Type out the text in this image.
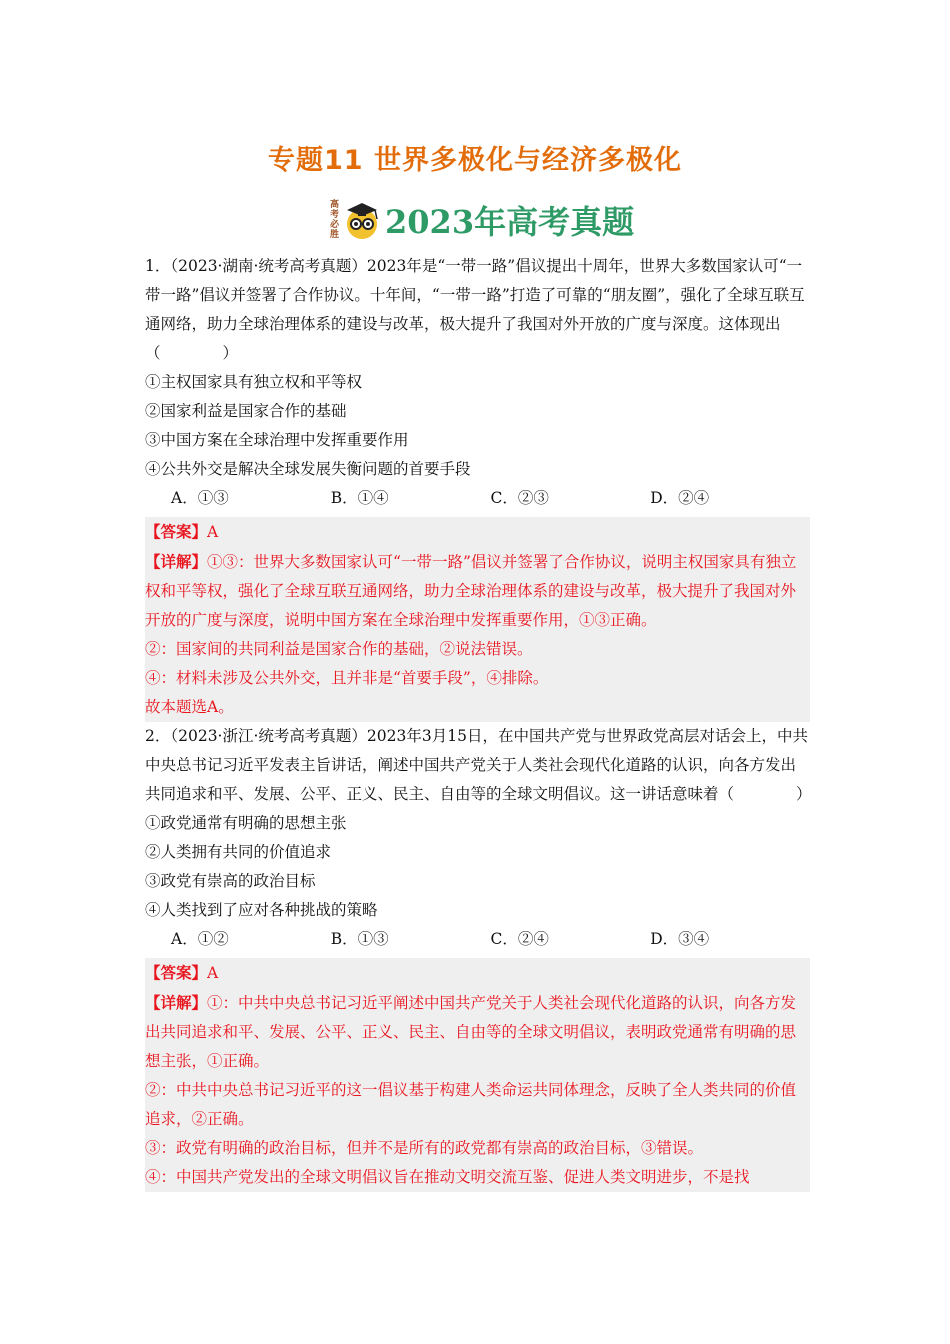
专题11 世界多极化与经济多极化
高
考
必
胜 2023年高考真题

1．（2023·湖南·统考高考真题）2023年是“一带一路”倡议提出十周年，世界大多数国家认可“一带一路”倡议并签署了合作协议。十年间，“一带一路”打造了可靠的“朋友圈”，强化了全球互联互通网络，助力全球治理体系的建设与改革，极大提升了我国对外开放的广度与深度。这体现出（　　　　）

①主权国家具有独立权和平等权

②国家利益是国家合作的基础

③中国方案在全球治理中发挥重要作用

④公共外交是解决全球发展失衡问题的首要手段

A．①③	B．①④	C．②③	D．②④

【答案】A

【详解】①③：世界大多数国家认可“一带一路”倡议并签署了合作协议，说明主权国家具有独立权和平等权，强化了全球互联互通网络，助力全球治理体系的建设与改革，极大提升了我国对外开放的广度与深度，说明中国方案在全球治理中发挥重要作用，①③正确。

②：国家间的共同利益是国家合作的基础，②说法错误。

④：材料未涉及公共外交，且并非是“首要手段”，④排除。

故本题选A。

2．（2023·浙江·统考高考真题）2023年3月15日，在中国共产党与世界政党高层对话会上，中共中央总书记习近平发表主旨讲话，阐述中国共产党关于人类社会现代化道路的认识，向各方发出共同追求和平、发展、公平、正义、民主、自由等的全球文明倡议。这一讲话意味着（　　　　）

①政党通常有明确的思想主张

②人类拥有共同的价值追求

③政党有崇高的政治目标

④人类找到了应对各种挑战的策略

A．①②	B．①③	C．②④	D．③④

【答案】A

【详解】①：中共中央总书记习近平阐述中国共产党关于人类社会现代化道路的认识，向各方发出共同追求和平、发展、公平、正义、民主、自由等的全球文明倡议，表明政党通常有明确的思想主张，①正确。

②：中共中央总书记习近平的这一倡议基于构建人类命运共同体理念，反映了全人类共同的价值追求，②正确。

③：政党有明确的政治目标，但并不是所有的政党都有崇高的政治目标，③错误。

④：中国共产党发出的全球文明倡议旨在推动文明交流互鉴、促进人类文明进步，不是找
